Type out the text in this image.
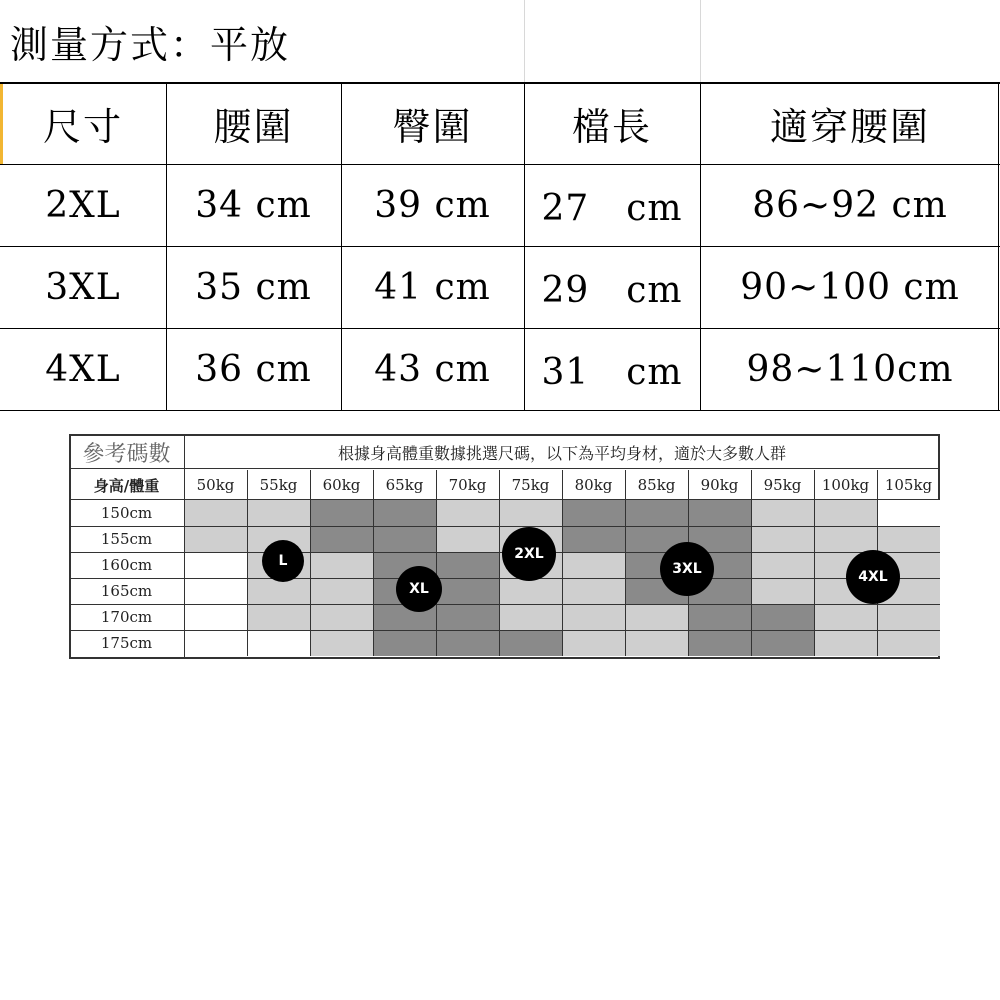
測量方式：平放
尺寸	腰圍	臀圍	檔長	適穿腰圍
2XL	34 cm	39 cm	27　cm	86~92 cm
3XL	35 cm	41 cm	29　cm	90~100 cm
4XL	36 cm	43 cm	31　cm	98~110cm
參考碼數	根據身高體重數據挑選尺碼，以下為平均身材，適於大多數人群
身高/體重	50kg	55kg	60kg	65kg	70kg	75kg	80kg	85kg	90kg	95kg	100kg	105kg
150cm
155cm
160cm
165cm
170cm
175cm
L
XL
2XL
3XL	4XL
